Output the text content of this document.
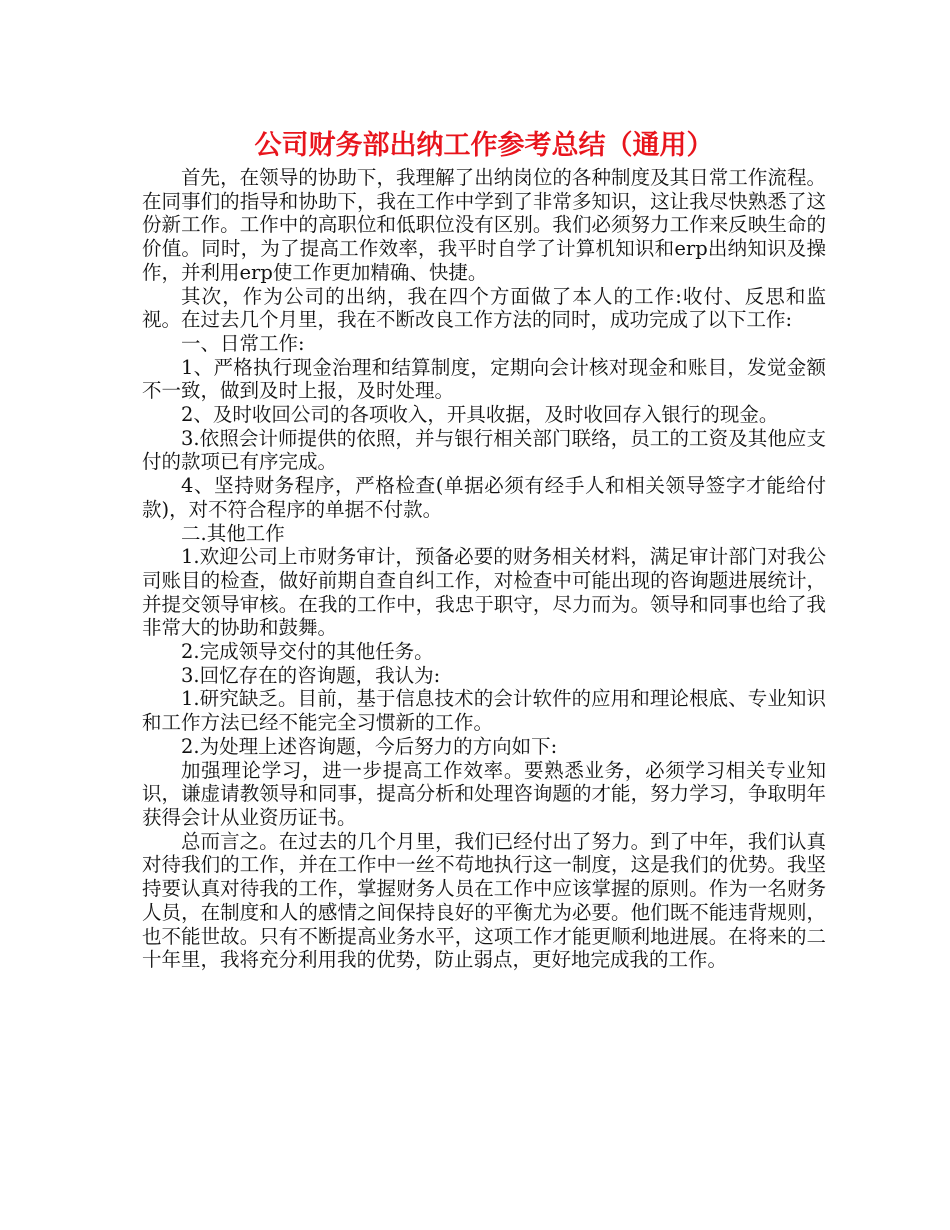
公司财务部出纳工作参考总结（通用）

首先，在领导的协助下，我理解了出纳岗位的各种制度及其日常工作流程。在同事们的指导和协助下，我在工作中学到了非常多知识，这让我尽快熟悉了这份新工作。工作中的高职位和低职位没有区别。我们必须努力工作来反映生命的价值。同时，为了提高工作效率，我平时自学了计算机知识和erp出纳知识及操作，并利用erp使工作更加精确、快捷。

其次，作为公司的出纳，我在四个方面做了本人的工作:收付、反思和监视。在过去几个月里，我在不断改良工作方法的同时，成功完成了以下工作:

一、日常工作:

1、严格执行现金治理和结算制度，定期向会计核对现金和账目，发觉金额不一致，做到及时上报，及时处理。

2、及时收回公司的各项收入，开具收据，及时收回存入银行的现金。

3.依照会计师提供的依照，并与银行相关部门联络，员工的工资及其他应支付的款项已有序完成。

4、坚持财务程序，严格检查(单据必须有经手人和相关领导签字才能给付款)，对不符合程序的单据不付款。

二.其他工作

1.欢迎公司上市财务审计，预备必要的财务相关材料，满足审计部门对我公司账目的检查，做好前期自查自纠工作，对检查中可能出现的咨询题进展统计，并提交领导审核。在我的工作中，我忠于职守，尽力而为。领导和同事也给了我非常大的协助和鼓舞。

2.完成领导交付的其他任务。

3.回忆存在的咨询题，我认为:

1.研究缺乏。目前，基于信息技术的会计软件的应用和理论根底、专业知识和工作方法已经不能完全习惯新的工作。

2.为处理上述咨询题，今后努力的方向如下:

加强理论学习，进一步提高工作效率。要熟悉业务，必须学习相关专业知识，谦虚请教领导和同事，提高分析和处理咨询题的才能，努力学习，争取明年获得会计从业资历证书。

总而言之。在过去的几个月里，我们已经付出了努力。到了中年，我们认真对待我们的工作，并在工作中一丝不苟地执行这一制度，这是我们的优势。我坚持要认真对待我的工作，掌握财务人员在工作中应该掌握的原则。作为一名财务人员，在制度和人的感情之间保持良好的平衡尤为必要。他们既不能违背规则，也不能世故。只有不断提高业务水平，这项工作才能更顺利地进展。在将来的二十年里，我将充分利用我的优势，防止弱点，更好地完成我的工作。
